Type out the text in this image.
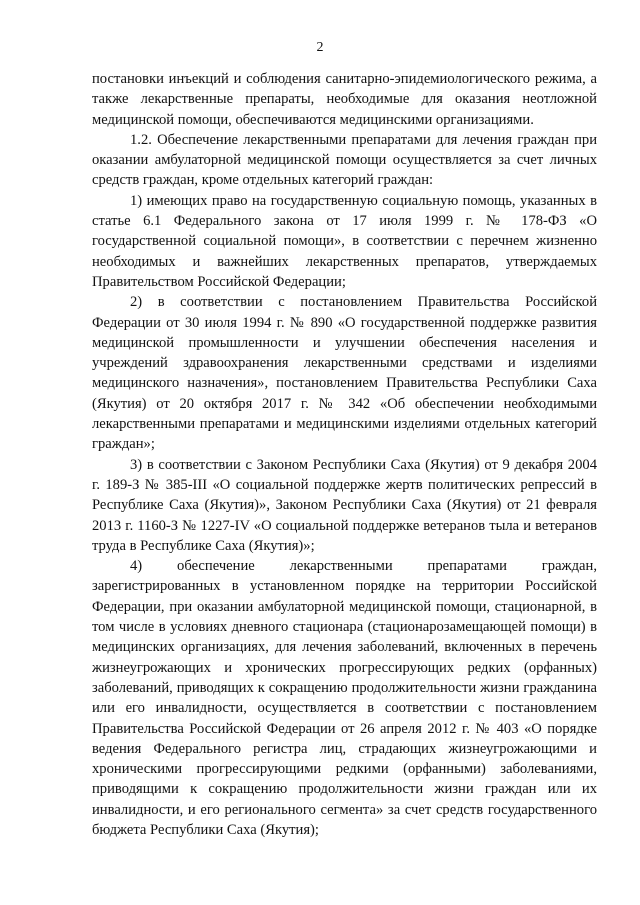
2

постановки инъекций и соблюдения санитарно-эпидемиологического режима, а также лекарственные препараты, необходимые для оказания неотложной медицинской помощи, обеспечиваются медицинскими организациями.

1.2. Обеспечение лекарственными препаратами для лечения граждан при оказании амбулаторной медицинской помощи осуществляется за счет личных средств граждан, кроме отдельных категорий граждан:

1) имеющих право на государственную социальную помощь, указанных в статье 6.1 Федерального закона от 17 июля 1999 г. № 178-ФЗ «О государственной социальной помощи», в соответствии с перечнем жизненно необходимых и важнейших лекарственных препаратов, утверждаемых Правительством Российской Федерации;

2) в соответствии с постановлением Правительства Российской Федерации от 30 июля 1994 г. № 890 «О государственной поддержке развития медицинской промышленности и улучшении обеспечения населения и учреждений здравоохранения лекарственными средствами и изделиями медицинского назначения», постановлением Правительства Республики Саха (Якутия) от 20 октября 2017 г. № 342 «Об обеспечении необходимыми лекарственными препаратами и медицинскими изделиями отдельных категорий граждан»;

3) в соответствии с Законом Республики Саха (Якутия) от 9 декабря 2004 г. 189-З № 385-III «О социальной поддержке жертв политических репрессий в Республике Саха (Якутия)», Законом Республики Саха (Якутия) от 21 февраля 2013 г. 1160-З № 1227-IV «О социальной поддержке ветеранов тыла и ветеранов труда в Республике Саха (Якутия)»;

4) обеспечение лекарственными препаратами граждан, зарегистрированных в установленном порядке на территории Российской Федерации, при оказании амбулаторной медицинской помощи, стационарной, в том числе в условиях дневного стационара (стационарозамещающей помощи) в медицинских организациях, для лечения заболеваний, включенных в перечень жизнеугрожающих и хронических прогрессирующих редких (орфанных) заболеваний, приводящих к сокращению продолжительности жизни гражданина или его инвалидности, осуществляется в соответствии с постановлением Правительства Российской Федерации от 26 апреля 2012 г. № 403 «О порядке ведения Федерального регистра лиц, страдающих жизнеугрожающими и хроническими прогрессирующими редкими (орфанными) заболеваниями, приводящими к сокращению продолжительности жизни граждан или их инвалидности, и его регионального сегмента» за счет средств государственного бюджета Республики Саха (Якутия);
